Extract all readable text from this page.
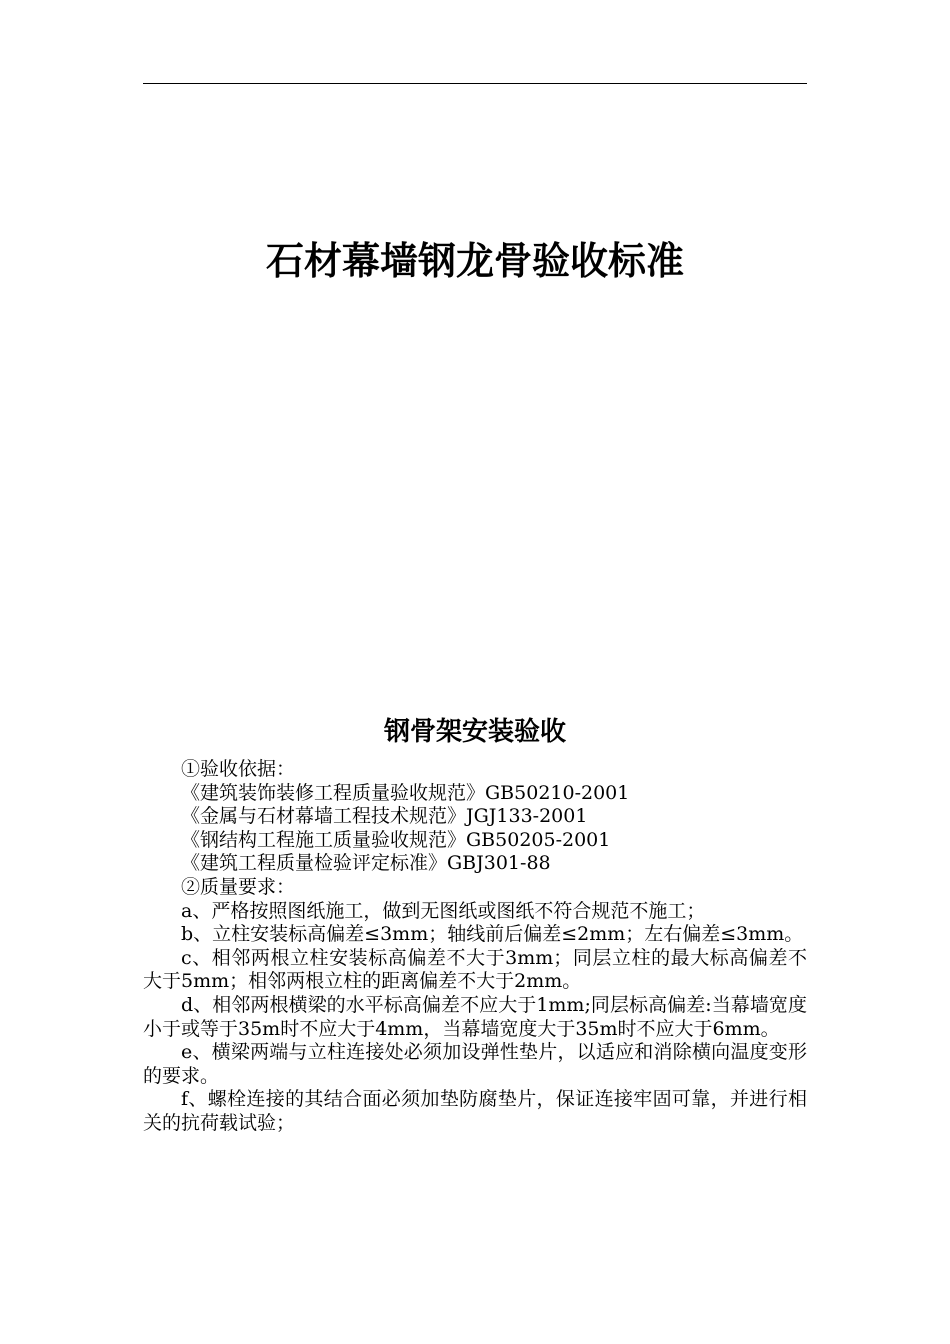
石材幕墙钢龙骨验收标准
钢骨架安装验收

①验收依据：

《建筑装饰装修工程质量验收规范》GB50210-2001

《金属与石材幕墙工程技术规范》JGJ133-2001

《钢结构工程施工质量验收规范》GB50205-2001

《建筑工程质量检验评定标准》GBJ301-88

②质量要求：

a、严格按照图纸施工，做到无图纸或图纸不符合规范不施工；

b、立柱安装标高偏差≤3mm；轴线前后偏差≤2mm；左右偏差≤3mm。

c、相邻两根立柱安装标高偏差不大于3mm；同层立柱的最大标高偏差不大于5mm；相邻两根立柱的距离偏差不大于2mm。

d、相邻两根横梁的水平标高偏差不应大于1mm;同层标高偏差:当幕墙宽度小于或等于35m时不应大于4mm，当幕墙宽度大于35m时不应大于6mm。

e、横梁两端与立柱连接处必须加设弹性垫片，以适应和消除横向温度变形的要求。

f、螺栓连接的其结合面必须加垫防腐垫片，保证连接牢固可靠，并进行相关的抗荷载试验；
